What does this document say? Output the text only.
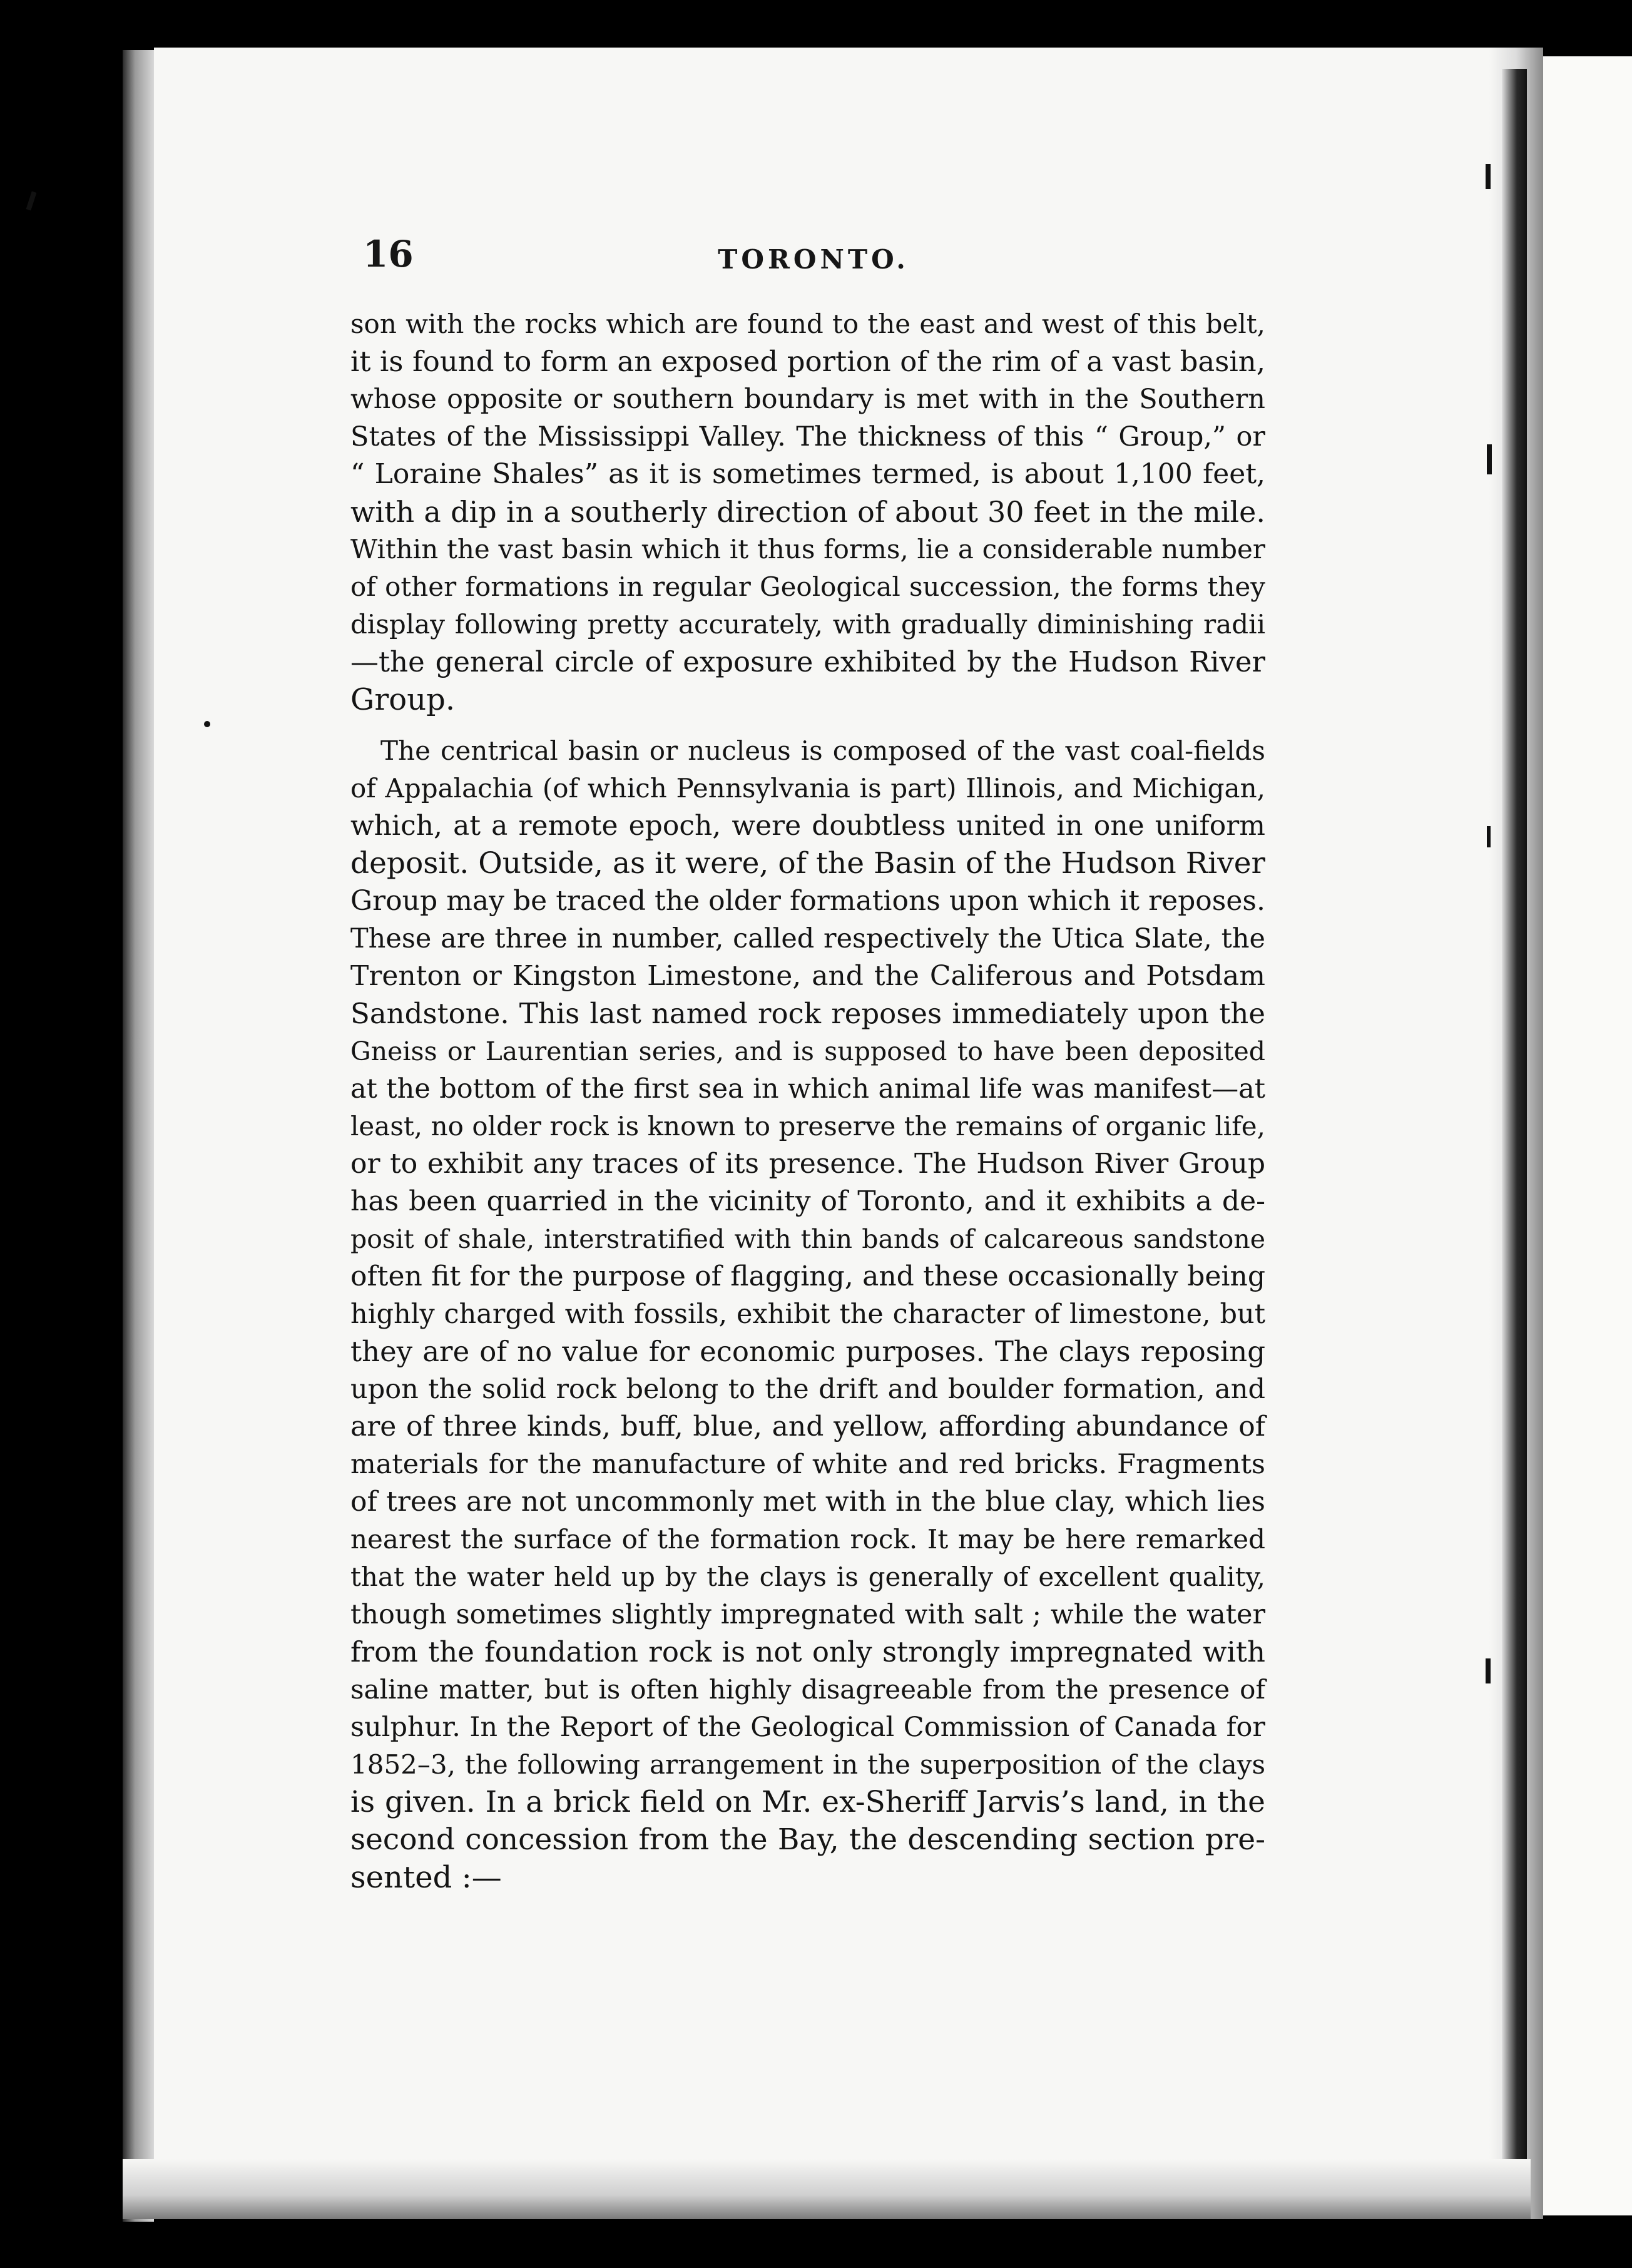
16	TORONTO.
son with the rocks which are found to the east and west of this belt,
it is found to form an exposed portion of the rim of a vast basin,
whose opposite or southern boundary is met with in the Southern
States of the Mississippi Valley. The thickness of this “ Group,” or
“ Loraine Shales” as it is sometimes termed, is about 1,100 feet,
with a dip in a southerly direction of about 30 feet in the mile.
Within the vast basin which it thus forms, lie a considerable number
of other formations in regular Geological succession, the forms they
display following pretty accurately, with gradually diminishing radii
—the general circle of exposure exhibited by the Hudson River
Group.
The centrical basin or nucleus is composed of the vast coal-fields
of Appalachia (of which Pennsylvania is part) Illinois, and Michigan,
which, at a remote epoch, were doubtless united in one uniform
deposit. Outside, as it were, of the Basin of the Hudson River
Group may be traced the older formations upon which it reposes.
These are three in number, called respectively the Utica Slate, the
Trenton or Kingston Limestone, and the Califerous and Potsdam
Sandstone. This last named rock reposes immediately upon the
Gneiss or Laurentian series, and is supposed to have been deposited
at the bottom of the first sea in which animal life was manifest—at
least, no older rock is known to preserve the remains of organic life,
or to exhibit any traces of its presence. The Hudson River Group
has been quarried in the vicinity of Toronto, and it exhibits a de-
posit of shale, interstratified with thin bands of calcareous sandstone
often fit for the purpose of flagging, and these occasionally being
highly charged with fossils, exhibit the character of limestone, but
they are of no value for economic purposes. The clays reposing
upon the solid rock belong to the drift and boulder formation, and
are of three kinds, buff, blue, and yellow, affording abundance of
materials for the manufacture of white and red bricks. Fragments
of trees are not uncommonly met with in the blue clay, which lies
nearest the surface of the formation rock. It may be here remarked
that the water held up by the clays is generally of excellent quality,
though sometimes slightly impregnated with salt ; while the water
from the foundation rock is not only strongly impregnated with
saline matter, but is often highly disagreeable from the presence of
sulphur. In the Report of the Geological Commission of Canada for
1852–3, the following arrangement in the superposition of the clays
is given. In a brick field on Mr. ex-Sheriff Jarvis’s land, in the
second concession from the Bay, the descending section pre-
sented :—
